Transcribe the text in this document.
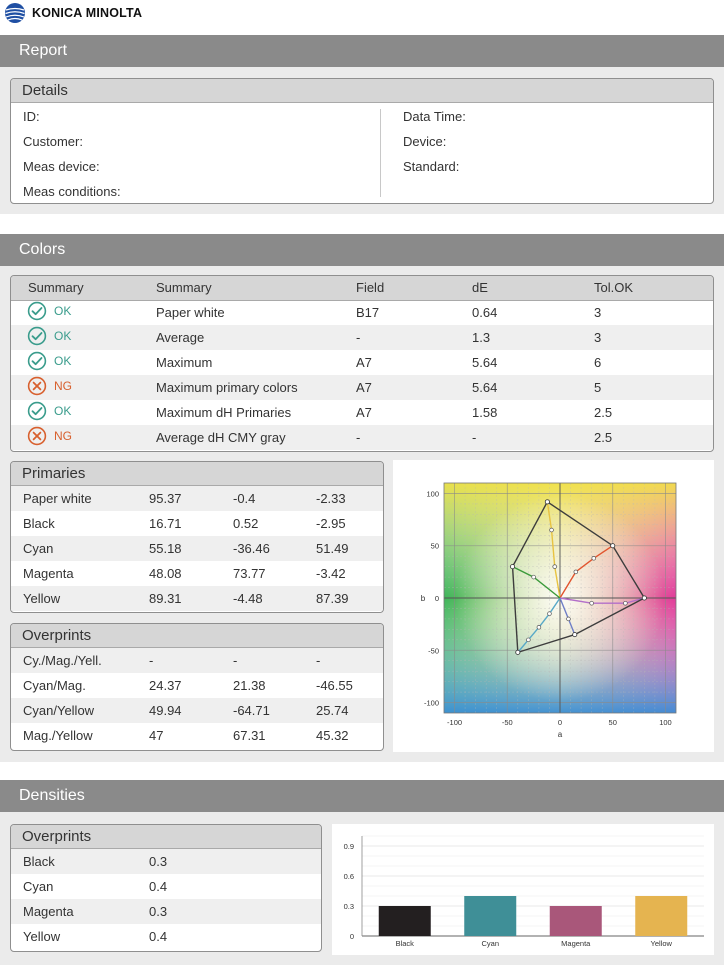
KONICA MINOLTA
Report
Details
ID:
Customer:
Meas device:
Meas conditions:
Data Time:
Device:
Standard:
Colors
Summary	Summary	Field	dE	Tol.OK

OK	Paper white	B17	0.64	3

OK	Average	-	1.3	3

OK	Maximum	A7	5.64	6

NG	Maximum primary colors	A7	5.64	5

OK	Maximum dH Primaries	A7	1.58	2.5

NG	Average dH CMY gray	-	-	2.5
Primaries
Paper white	95.37	-0.4	-2.33
Black	16.71	0.52	-2.95
Cyan	55.18	-36.46	51.49
Magenta	48.08	73.77	-3.42
Yellow	89.31	-4.48	87.39
Overprints
Cy./Mag./Yell.	-	-	-
Cyan/Mag.	24.37	21.38	-46.55
Cyan/Yellow	49.94	-64.71	25.74
Mag./Yellow	47	67.31	45.32
-100	-50	0	50	100
100
50
0
-50
-100
a
b
Densities
Overprints
Black	0.3
Cyan	0.4
Magenta	0.3
Yellow	0.4
0.9
0.6
0.3
0
Black	Cyan	Magenta	Yellow
